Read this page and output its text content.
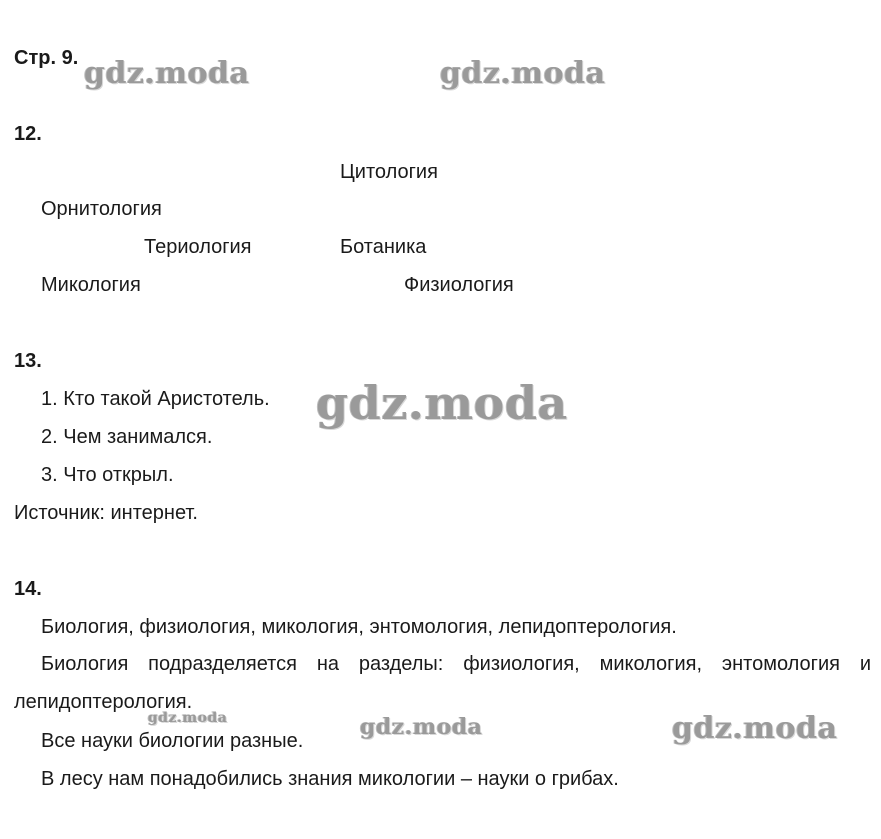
Стр. 9. gdz.moda	gdz.moda
12.
Цитология
Орнитология
Териология	Ботаника
Микология	Физиология
13.
1. Кто такой Аристотель.
2. Чем занимался.
3. Что открыл.
Источник: интернет.
gdz.moda
14.
Биология, физиология, микология, энтомология, лепидоптерология.
Биология подразделяется на разделы: физиология, микология, энтомология и
лепидоптерология.
Все науки биологии разные.
В лесу нам понадобились знания микологии – науки о грибах.
gdz.moda	gdz.moda	gdz.moda
